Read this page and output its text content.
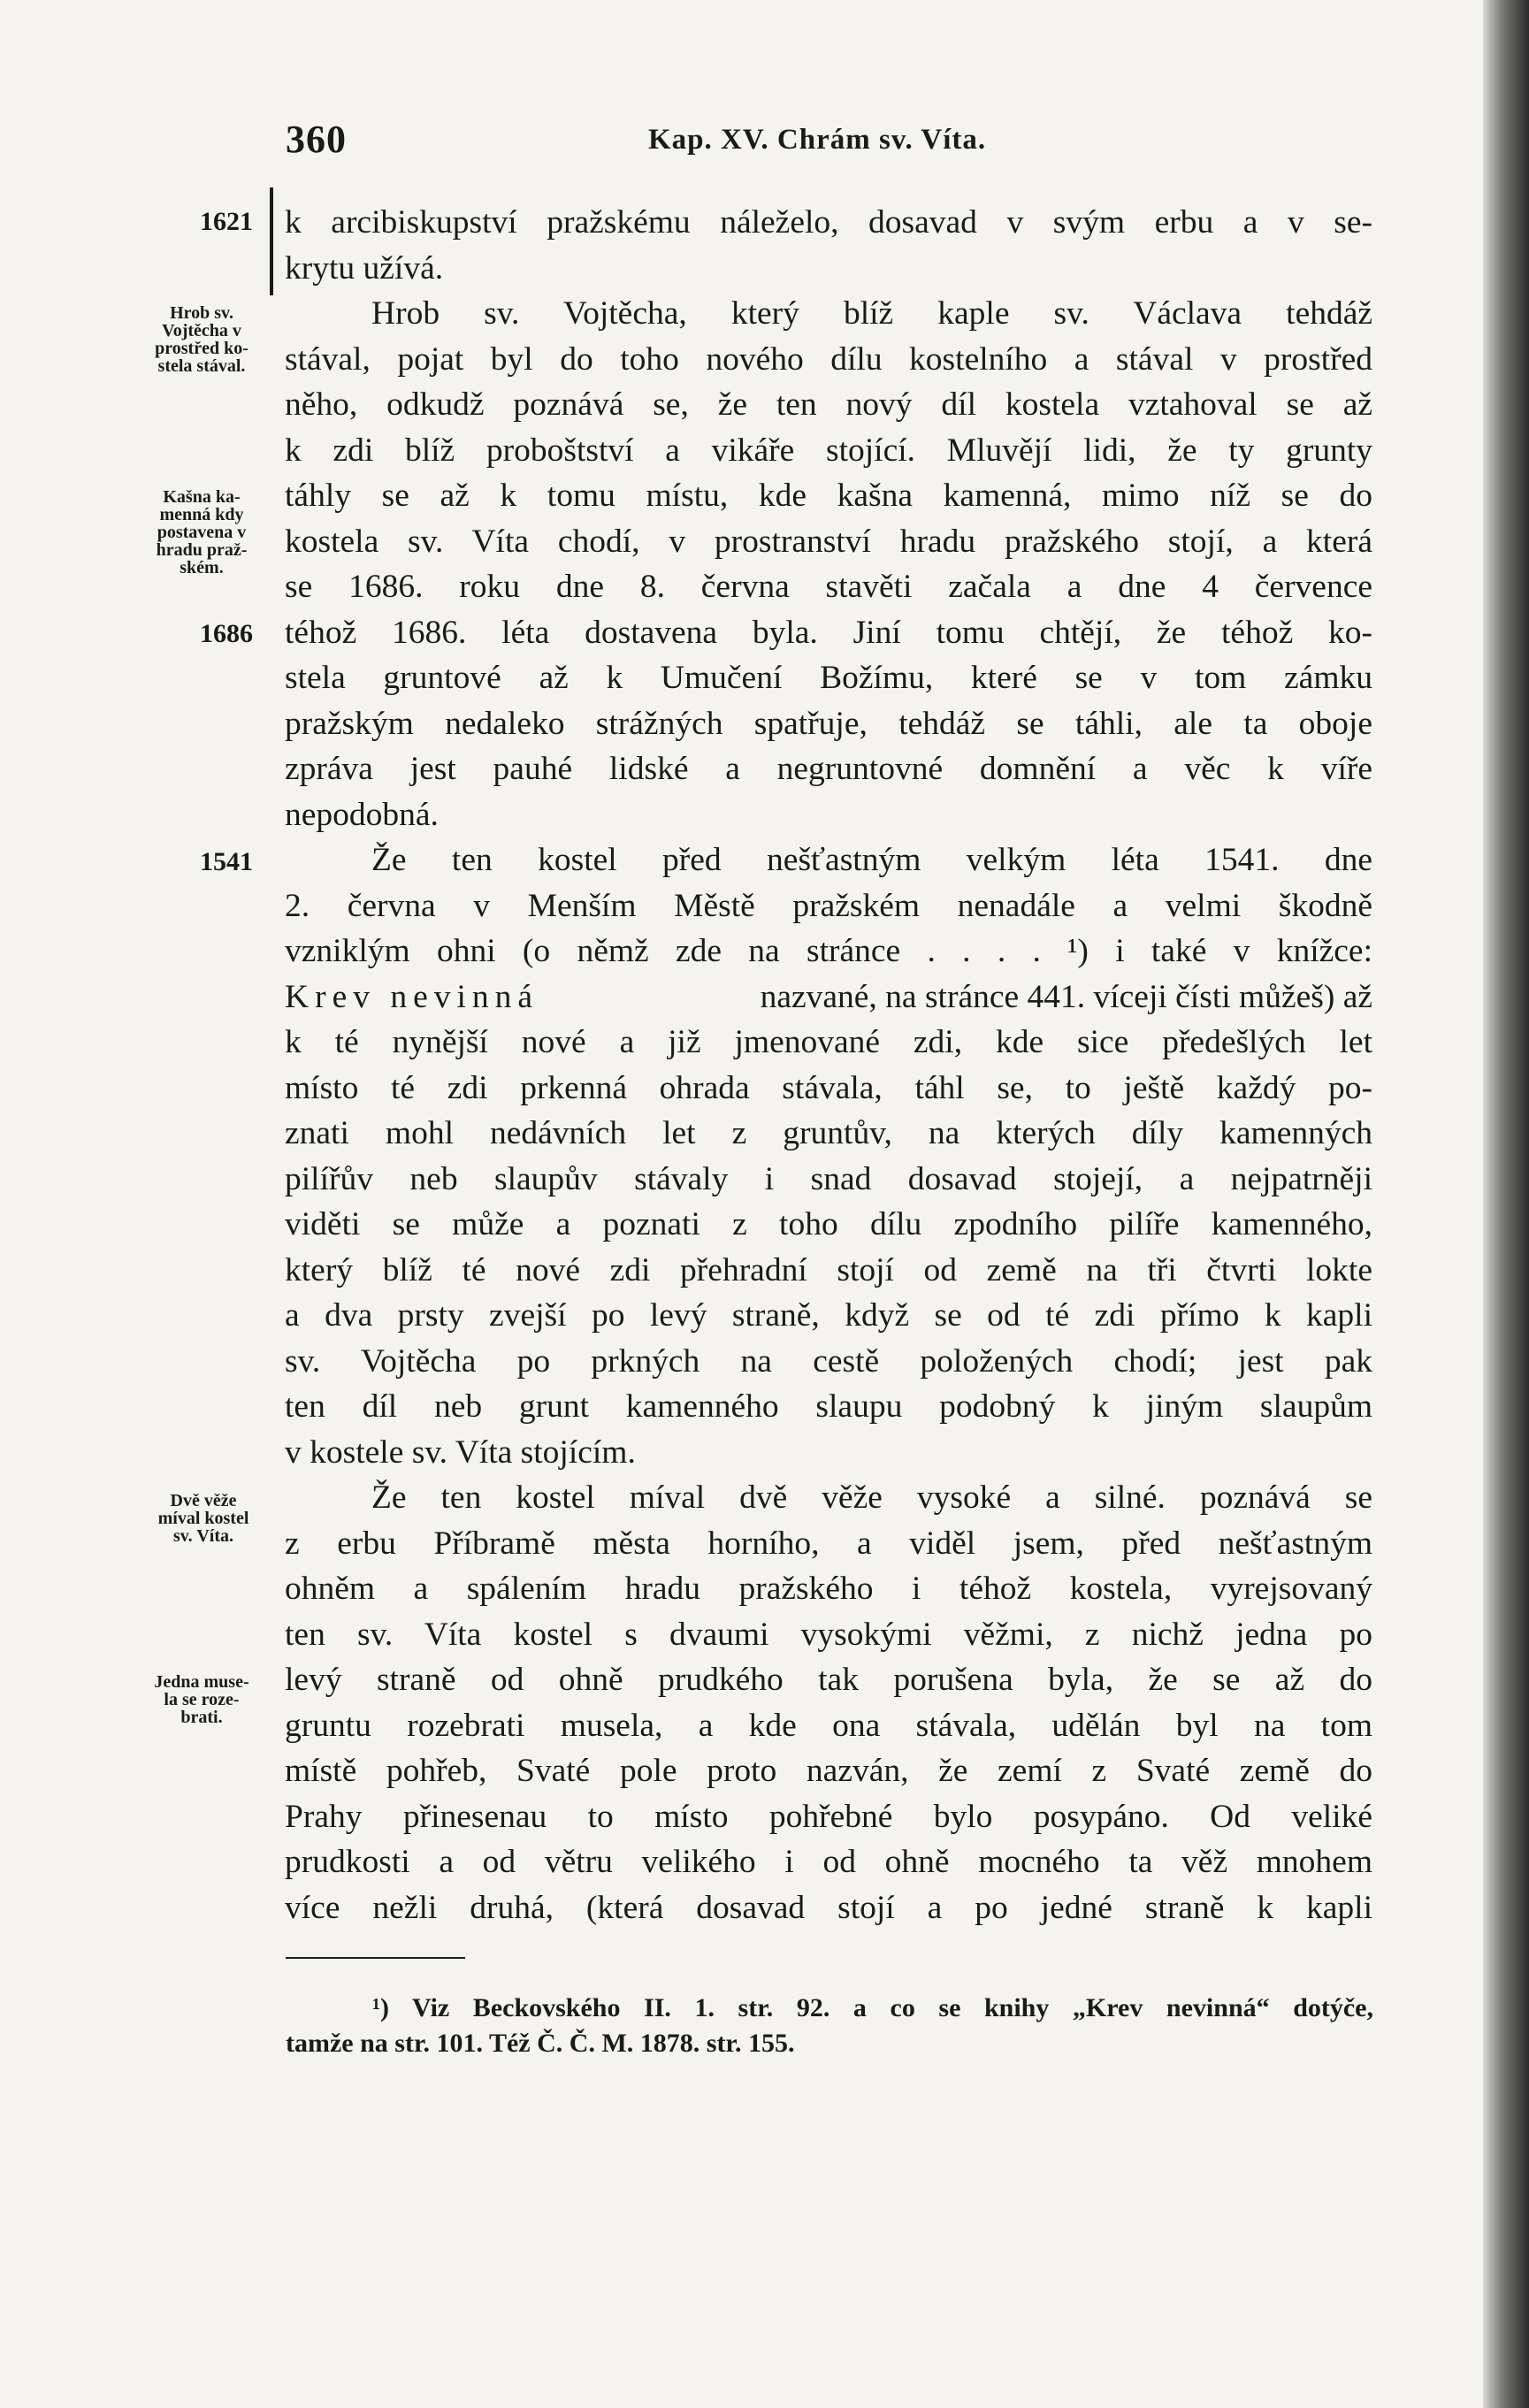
360	Kap. XV. Chrám sv. Víta.
1621
1686
1541
Hrob sv.
Vojtěcha v
prostřed ko-
stela stával.
Kašna ka-
menná kdy
postavena v
hradu praž-
ském.
Dvě věže
míval kostel
sv. Víta.
Jedna muse-
la se roze-
brati.
k arcibiskupství pražskému náleželo, dosavad v svým erbu a v se-
krytu užívá.
Hrob sv. Vojtěcha, který blíž kaple sv. Václava tehdáž
stával, pojat byl do toho nového dílu kostelního a stával v prostřed
něho, odkudž poznává se, že ten nový díl kostela vztahoval se až
k zdi blíž proboštství a vikáře stojící. Mluvějí lidi, že ty grunty
táhly se až k tomu místu, kde kašna kamenná, mimo níž se do
kostela sv. Víta chodí, v prostranství hradu pražského stojí, a která
se 1686. roku dne 8. června stavěti začala a dne 4 července
téhož 1686. léta dostavena byla. Jiní tomu chtějí, že téhož ko-
stela gruntové až k Umučení Božímu, které se v tom zámku
pražským nedaleko strážných spatřuje, tehdáž se táhli, ale ta oboje
zpráva jest pauhé lidské a negruntovné domnění a věc k víře
nepodobná.
Že ten kostel před nešťastným velkým léta 1541. dne
2. června v Menším Městě pražském nenadále a velmi škodně
vzniklým ohni (o němž zde na stránce . . . . ¹) i také v knížce:
Krev nevinná	nazvané, na stránce 441. víceji čísti můžeš) až
k té nynější nové a již jmenované zdi, kde sice předešlých let
místo té zdi prkenná ohrada stávala, táhl se, to ještě každý po-
znati mohl nedávních let z gruntův, na kterých díly kamenných
pilířův neb slaupův stávaly i snad dosavad stojejí, a nejpatrněji
viděti se může a poznati z toho dílu zpodního pilíře kamenného,
který blíž té nové zdi přehradní stojí od země na tři čtvrti lokte
a dva prsty zvejší po levý straně, když se od té zdi přímo k kapli
sv. Vojtěcha po prkných na cestě položených chodí; jest pak
ten díl neb grunt kamenného slaupu podobný k jiným slaupům
v kostele sv. Víta stojícím.
Že ten kostel míval dvě věže vysoké a silné. poznává se
z erbu Příbramě města horního, a viděl jsem, před nešťastným
ohněm a spálením hradu pražského i téhož kostela, vyrejsovaný
ten sv. Víta kostel s dvaumi vysokými věžmi, z nichž jedna po
levý straně od ohně prudkého tak porušena byla, že se až do
gruntu rozebrati musela, a kde ona stávala, udělán byl na tom
místě pohřeb, Svaté pole proto nazván, že zemí z Svaté země do
Prahy přinesenau to místo pohřebné bylo posypáno. Od veliké
prudkosti a od větru velikého i od ohně mocného ta věž mnohem
více nežli druhá, (která dosavad stojí a po jedné straně k kapli
¹) Viz Beckovského II. 1. str. 92. a co se knihy „Krev nevinná“ dotýče,
tamže na str. 101. Též Č. Č. M. 1878. str. 155.
